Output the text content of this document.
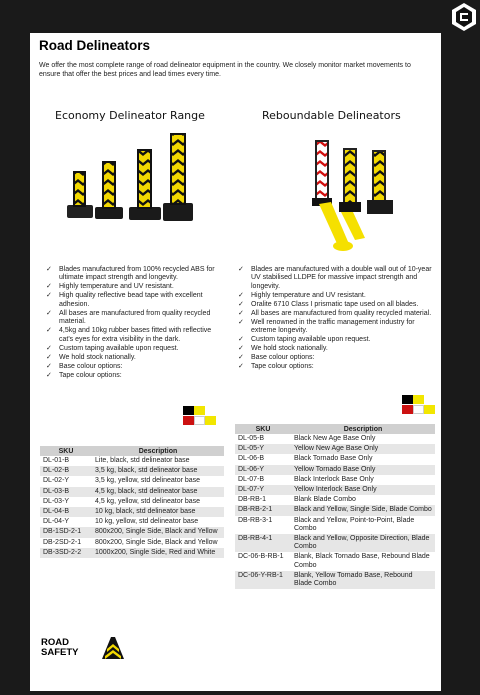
Road Delineators
We offer the most complete range of road delineator equipment in the country. We closely monitor market movements to ensure that offer the best prices and lead times every time.
Economy Delineator Range	Reboundable Delineators
✓ Blades manufactured from 100% recycled ABS for ultimate impact strength and longevity.
✓ Highly temperature and UV resistant.
✓ High quality reflective bead tape with excellent adhesion.
✓ All bases are manufactured from quality recycled material.
✓ 4,5kg and 10kg rubber bases fitted with reflective cat's eyes for extra visibility in the dark.
✓ Custom taping available upon request.
✓ We hold stock nationally.
✓ Base colour options:
✓ Tape colour options:
✓ Blades are manufactured with a double wall out of 10-year UV stabilised LLDPE for massive impact strength and longevity.
✓ Highly temperature and UV resistant.
✓ Oralite 6710 Class I prismatic tape used on all blades.
✓ All bases are manufactured from quality recycled material.
✓ Well renowned in the traffic management industry for extreme longevity.
✓ Custom taping available upon request.
✓ We hold stock nationally.
✓ Base colour options:
✓ Tape colour options:
SKU	Description
DL-01-B	Lite, black, std delineator base
DL-02-B	3,5 kg, black, std delineator base
DL-02-Y	3,5 kg, yellow, std delineator base
DL-03-B	4,5 kg, black, std delineator base
DL-03-Y	4,5 kg, yellow, std delineator base
DL-04-B	10 kg, black, std delineator base
DL-04-Y	10 kg, yellow, std delineator base
DB-1SD-2-1	800x200, Single Side, Black and Yellow
DB-2SD-2-1	800x200, Single Side, Black and Yellow
DB-3SD-2-2	1000x200, Single Side, Red and White
SKU	Description
DL-05-B	Black New Age Base Only
DL-05-Y	Yellow New Age Base Only
DL-06-B	Black Tornado Base Only
DL-06-Y	Yellow Tornado Base Only
DL-07-B	Black Interlock Base Only
DL-07-Y	Yellow Interlock Base Only
DB-RB-1	Blank Blade Combo
DB-RB-2-1	Black and Yellow, Single Side, Blade Combo
DB-RB-3-1	Black and Yellow, Point-to-Point, Blade Combo
DB-RB-4-1	Black and Yellow, Opposite Direction, Blade Combo
DC-06-B-RB-1	Blank, Black Tornado Base, Rebound Blade Combo
DC-06-Y-RB-1	Blank, Yellow Tornado Base, Rebound Blade Combo
ROAD
SAFETY
